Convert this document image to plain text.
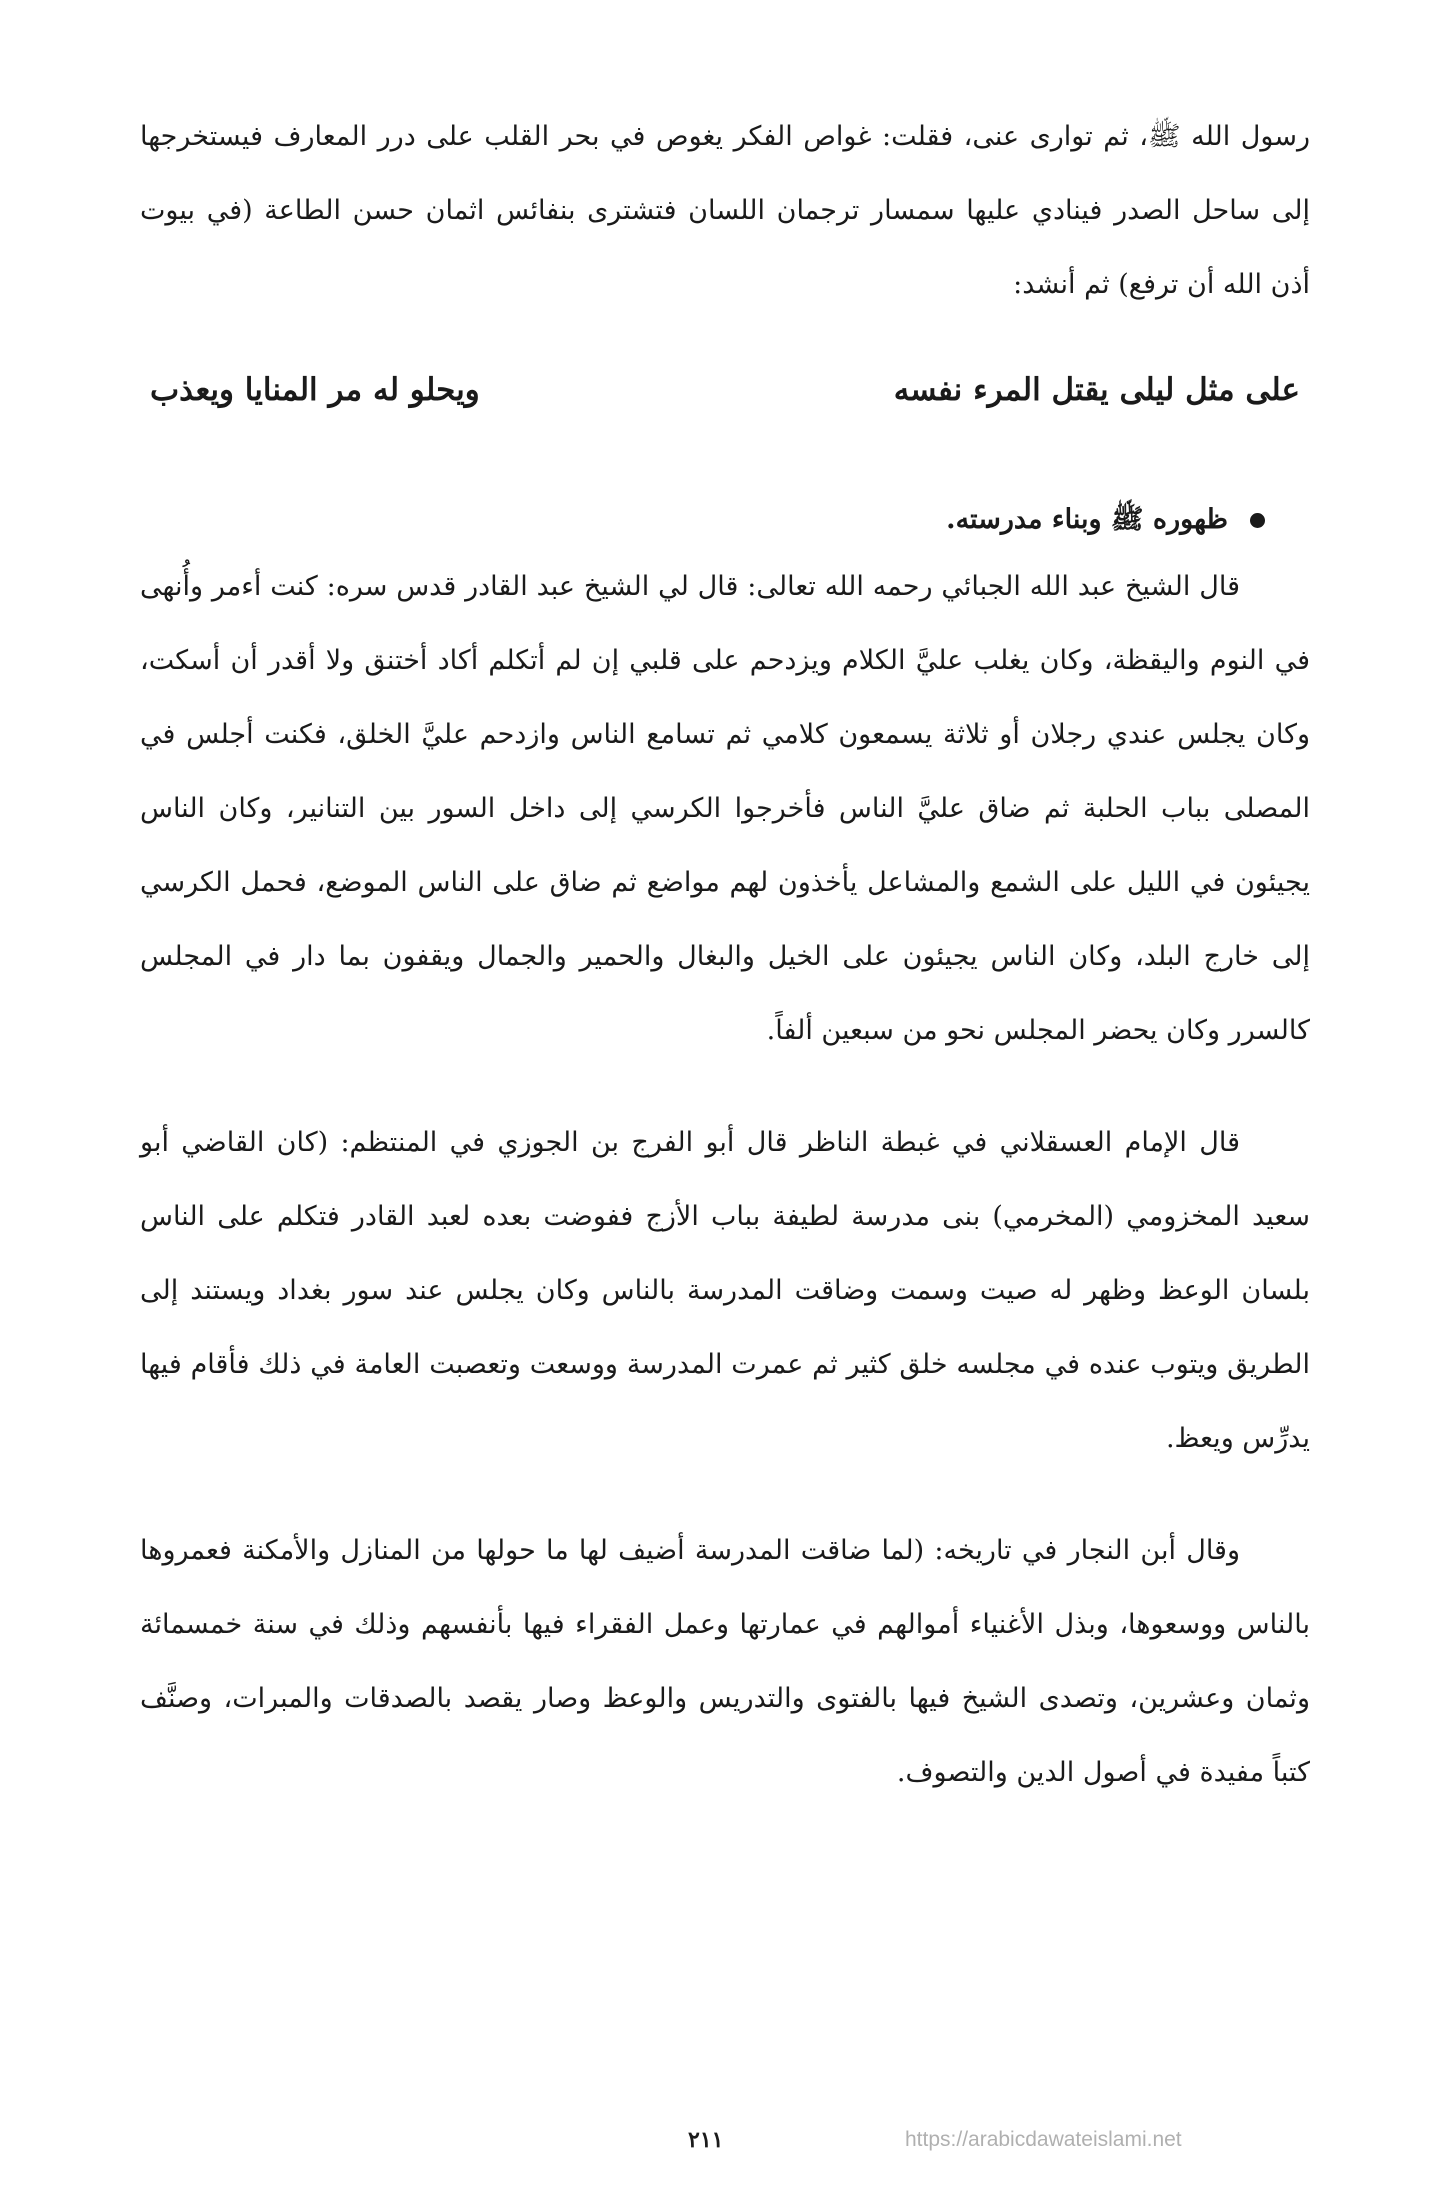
رسول الله ﷺ، ثم توارى عنى، فقلت: غواص الفكر يغوص في بحر القلب على درر المعارف فيستخرجها إلى ساحل الصدر فينادي عليها سمسار ترجمان اللسان فتشترى بنفائس اثمان حسن الطاعة (في بيوت أذن الله أن ترفع) ثم أنشد:
على مثل ليلى يقتل المرء نفسه
ويحلو له مر المنايا ويعذب
ظهوره ﷺ وبناء مدرسته.

قال الشيخ عبد الله الجبائي رحمه الله تعالى: قال لي الشيخ عبد القادر قدس سره: كنت أءمر وأُنهى في النوم واليقظة، وكان يغلب عليَّ الكلام ويزدحم على قلبي إن لم أتكلم أكاد أختنق ولا أقدر أن أسكت، وكان يجلس عندي رجلان أو ثلاثة يسمعون كلامي ثم تسامع الناس وازدحم عليَّ الخلق، فكنت أجلس في المصلى بباب الحلبة ثم ضاق عليَّ الناس فأخرجوا الكرسي إلى داخل السور بين التنانير، وكان الناس يجيئون في الليل على الشمع والمشاعل يأخذون لهم مواضع ثم ضاق على الناس الموضع، فحمل الكرسي إلى خارج البلد، وكان الناس يجيئون على الخيل والبغال والحمير والجمال ويقفون بما دار في المجلس كالسرر وكان يحضر المجلس نحو من سبعين ألفاً.

قال الإمام العسقلاني في غبطة الناظر قال أبو الفرج بن الجوزي في المنتظم: (كان القاضي أبو سعيد المخزومي (المخرمي) بنى مدرسة لطيفة بباب الأزج ففوضت بعده لعبد القادر فتكلم على الناس بلسان الوعظ وظهر له صيت وسمت وضاقت المدرسة بالناس وكان يجلس عند سور بغداد ويستند إلى الطريق ويتوب عنده في مجلسه خلق كثير ثم عمرت المدرسة ووسعت وتعصبت العامة في ذلك فأقام فيها يدرِّس ويعظ.

وقال أبن النجار في تاريخه: (لما ضاقت المدرسة أضيف لها ما حولها من المنازل والأمكنة فعمروها بالناس ووسعوها، وبذل الأغنياء أموالهم في عمارتها وعمل الفقراء فيها بأنفسهم وذلك في سنة خمسمائة وثمان وعشرين، وتصدى الشيخ فيها بالفتوى والتدريس والوعظ وصار يقصد بالصدقات والمبرات، وصنَّف كتباً مفيدة في أصول الدين والتصوف.

٢١١	https://arabicdawateislami.net
